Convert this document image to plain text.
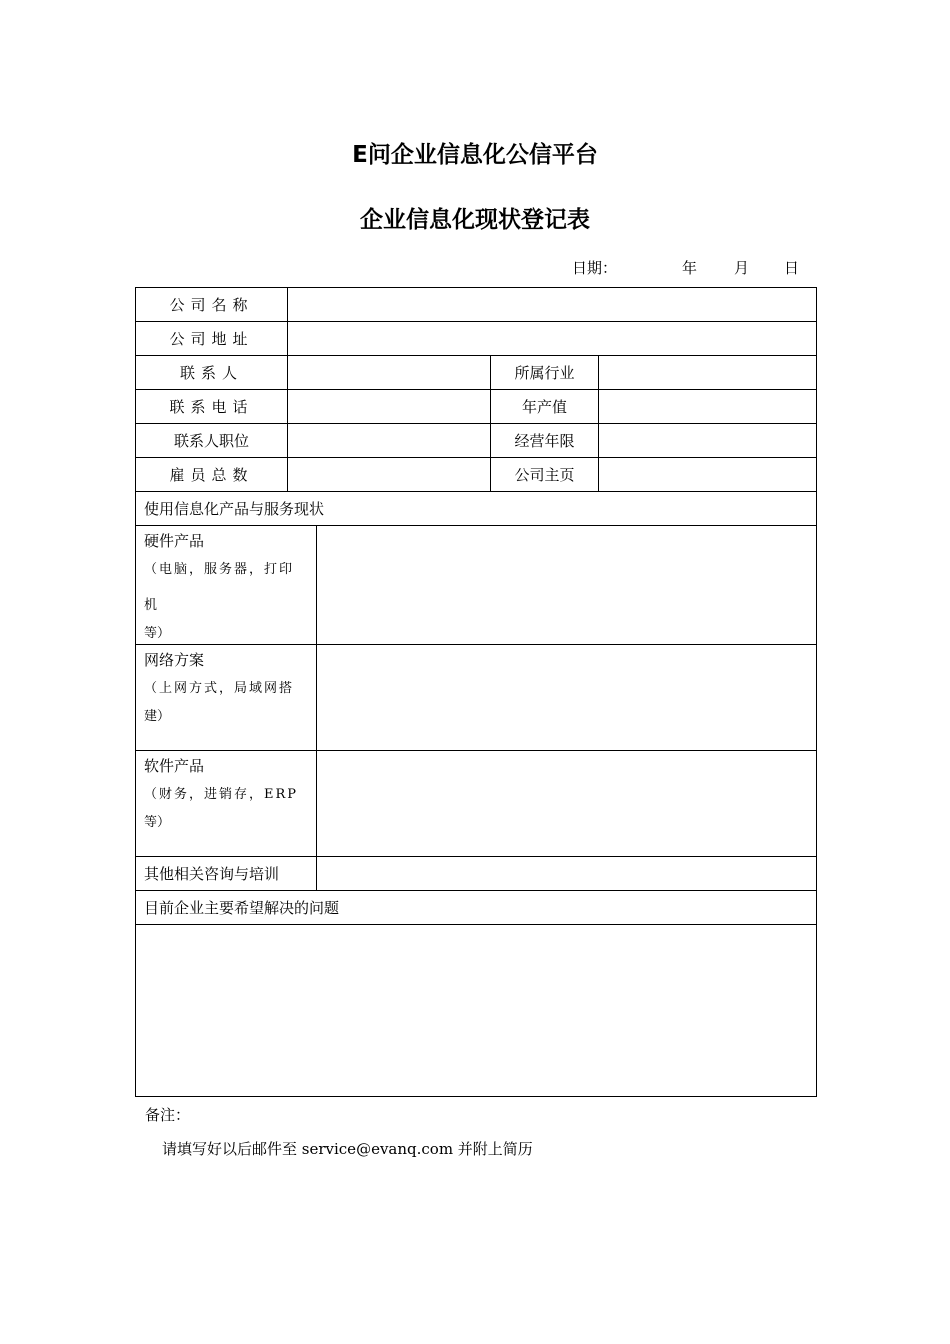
E问企业信息化公信平台
企业信息化现状登记表
日期：	年 月 日
公司名称				
公司地址				
联系人			所属行业	
联系电话			年产值	
联系人职位			经营年限	
雇员总数			公司主页	
使用信息化产品与服务现状				

硬件产品
（电脑，服务器，打印机
等）				

网络方案
（上网方式，局域网搭
建）				

软件产品
（财务，进销存，ERP
等）				

其他相关咨询与培训				
目前企业主要希望解决的问题				

备注：
请填写好以后邮件至 service@evanq.com 并附上简历
